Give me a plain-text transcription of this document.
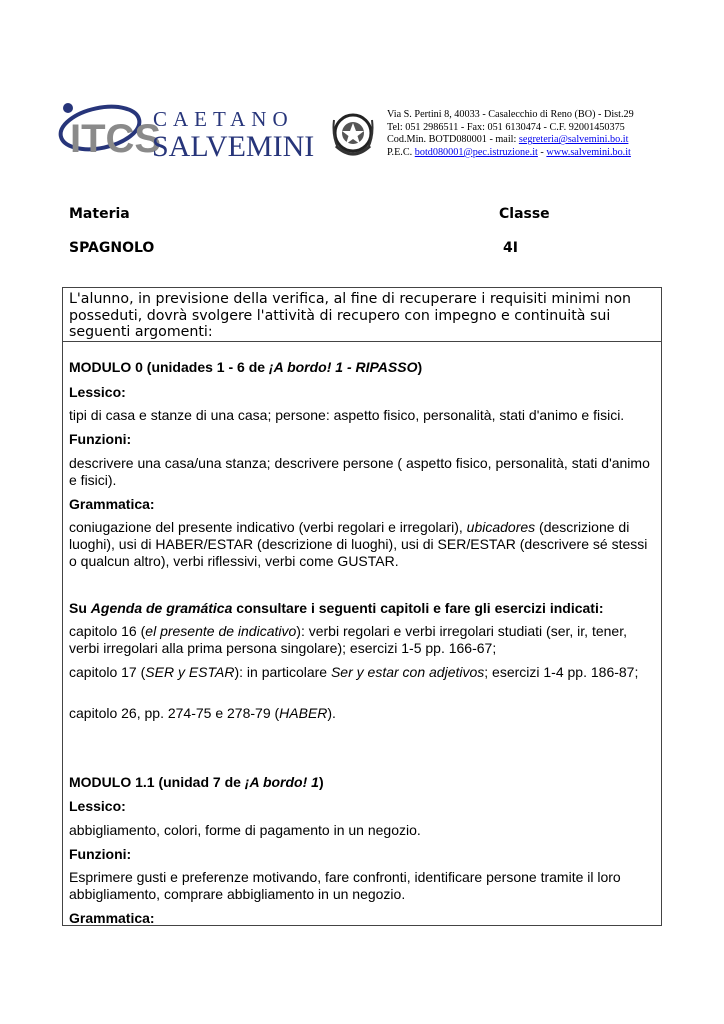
ITCS
CAETANO
SALVEMINI
Via S. Pertini 8, 40033 - Casalecchio di Reno (BO) - Dist.29
Tel: 051 2986511 - Fax: 051 6130474 - C.F. 92001450375
Cod.Min. BOTD080001 - mail: segreteria@salvemini.bo.it
P.E.C. botd080001@pec.istruzione.it - www.salvemini.bo.it
Materia	Classe
SPAGNOLO	4I
L'alunno, in previsione della verifica, al fine di recuperare i requisiti minimi non posseduti, dovrà svolgere l'attività di recupero con impegno e continuità sui seguenti argomenti:

MODULO 0 (unidades 1 - 6 de ¡A bordo! 1 - RIPASSO)

Lessico:

tipi di casa e stanze di una casa; persone: aspetto fisico, personalità, stati d'animo e fisici.

Funzioni:

descrivere una casa/una stanza; descrivere persone ( aspetto fisico, personalità, stati d'animo e fisici).

Grammatica:

coniugazione del presente indicativo (verbi regolari e irregolari), ubicadores (descrizione di luoghi), usi di HABER/ESTAR (descrizione di luoghi), usi di SER/ESTAR (descrivere sé stessi o qualcun altro), verbi riflessivi, verbi come GUSTAR.

Su Agenda de gramática consultare i seguenti capitoli e fare gli esercizi indicati:

capitolo 16 (el presente de indicativo): verbi regolari e verbi irregolari studiati (ser, ir, tener, verbi irregolari alla prima persona singolare); esercizi 1-5 pp. 166-67;

capitolo 17 (SER y ESTAR): in particolare Ser y estar con adjetivos; esercizi 1-4 pp. 186-87;

capitolo 26, pp. 274-75 e 278-79 (HABER).

MODULO 1.1 (unidad 7 de ¡A bordo! 1)

Lessico:

abbigliamento, colori, forme di pagamento in un negozio.

Funzioni:

Esprimere gusti e preferenze motivando, fare confronti, identificare persone tramite il loro abbigliamento, comprare abbigliamento in un negozio.

Grammatica:
